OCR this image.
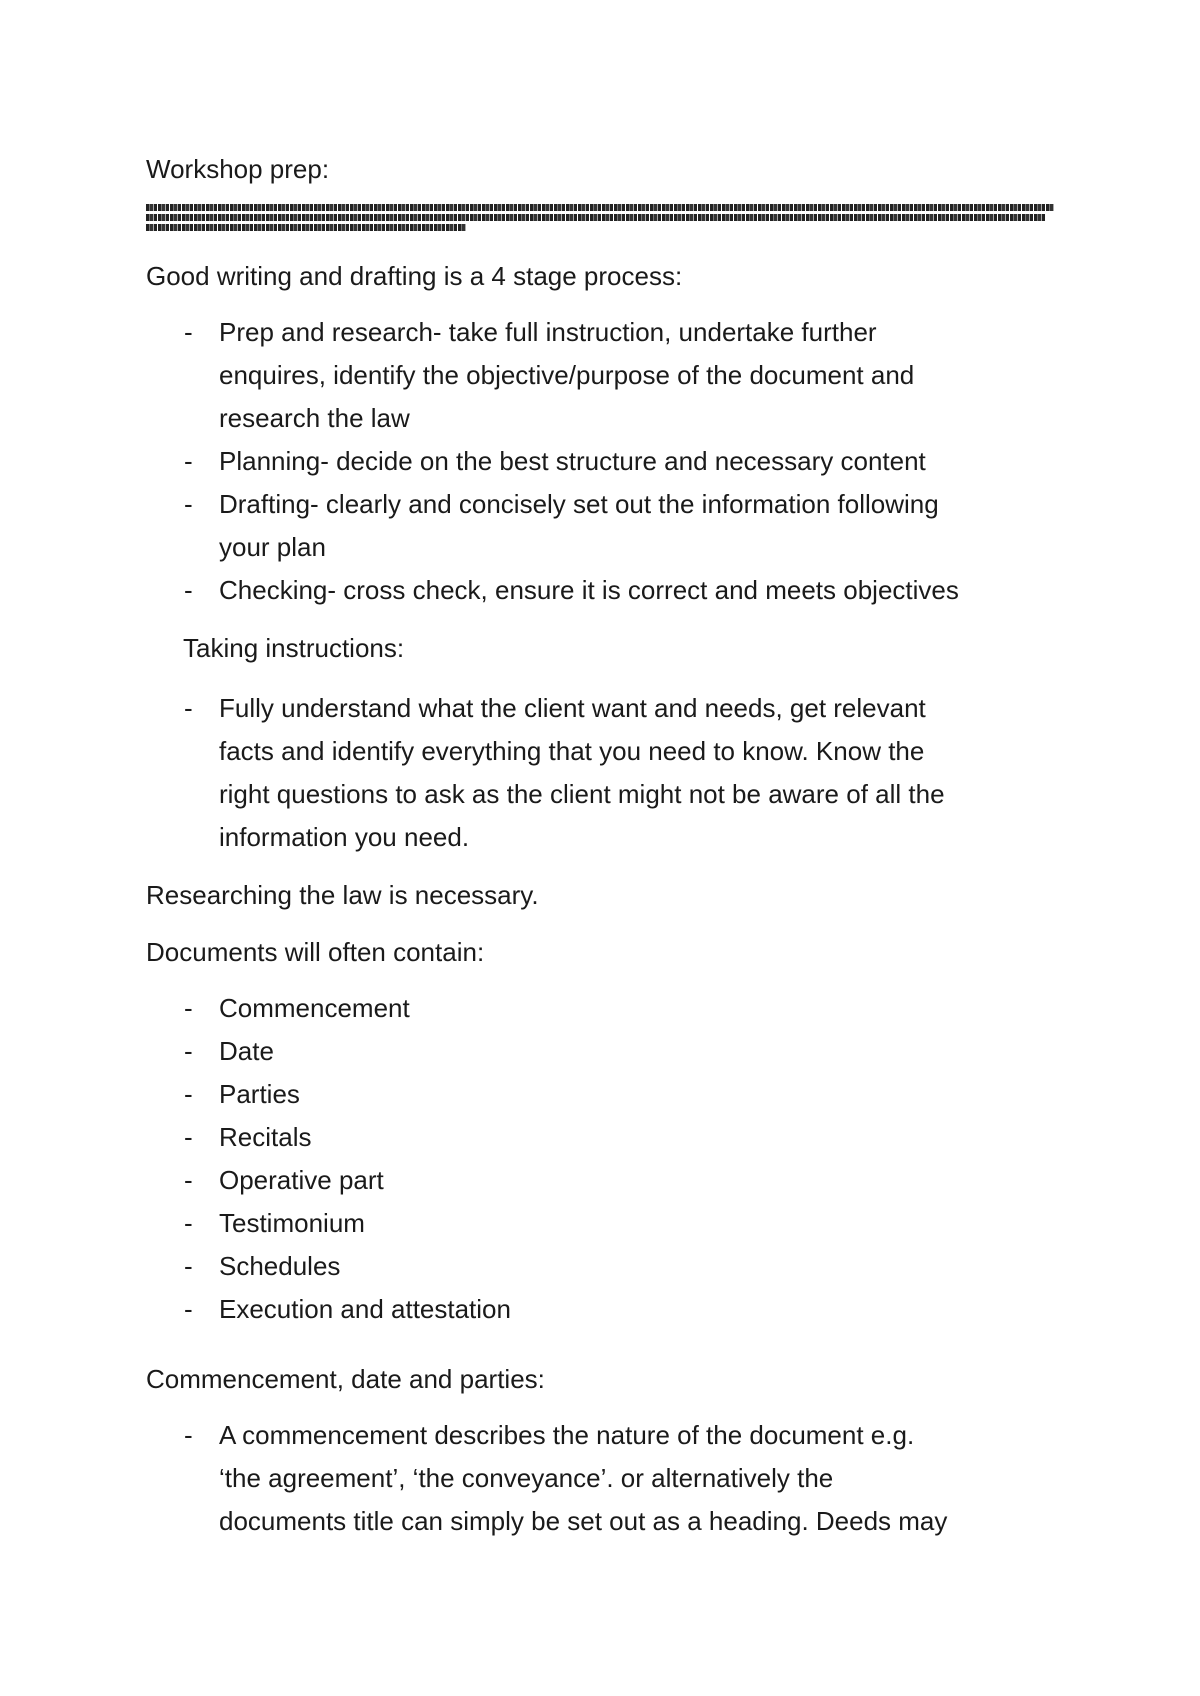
Workshop prep:

Good writing and drafting is a 4 stage process:

- Prep and research- take full instruction, undertake further
enquires, identify the objective/purpose of the document and
research the law
- Planning- decide on the best structure and necessary content
- Drafting- clearly and concisely set out the information following
your plan
- Checking- cross check, ensure it is correct and meets objectives

Taking instructions:

- Fully understand what the client want and needs, get relevant
facts and identify everything that you need to know. Know the
right questions to ask as the client might not be aware of all the
information you need.

Researching the law is necessary.

Documents will often contain:

- Commencement
- Date
- Parties
- Recitals
- Operative part
- Testimonium
- Schedules
- Execution and attestation

Commencement, date and parties:

- A commencement describes the nature of the document e.g.
‘the agreement’, ‘the conveyance’. or alternatively the
documents title can simply be set out as a heading. Deeds may
